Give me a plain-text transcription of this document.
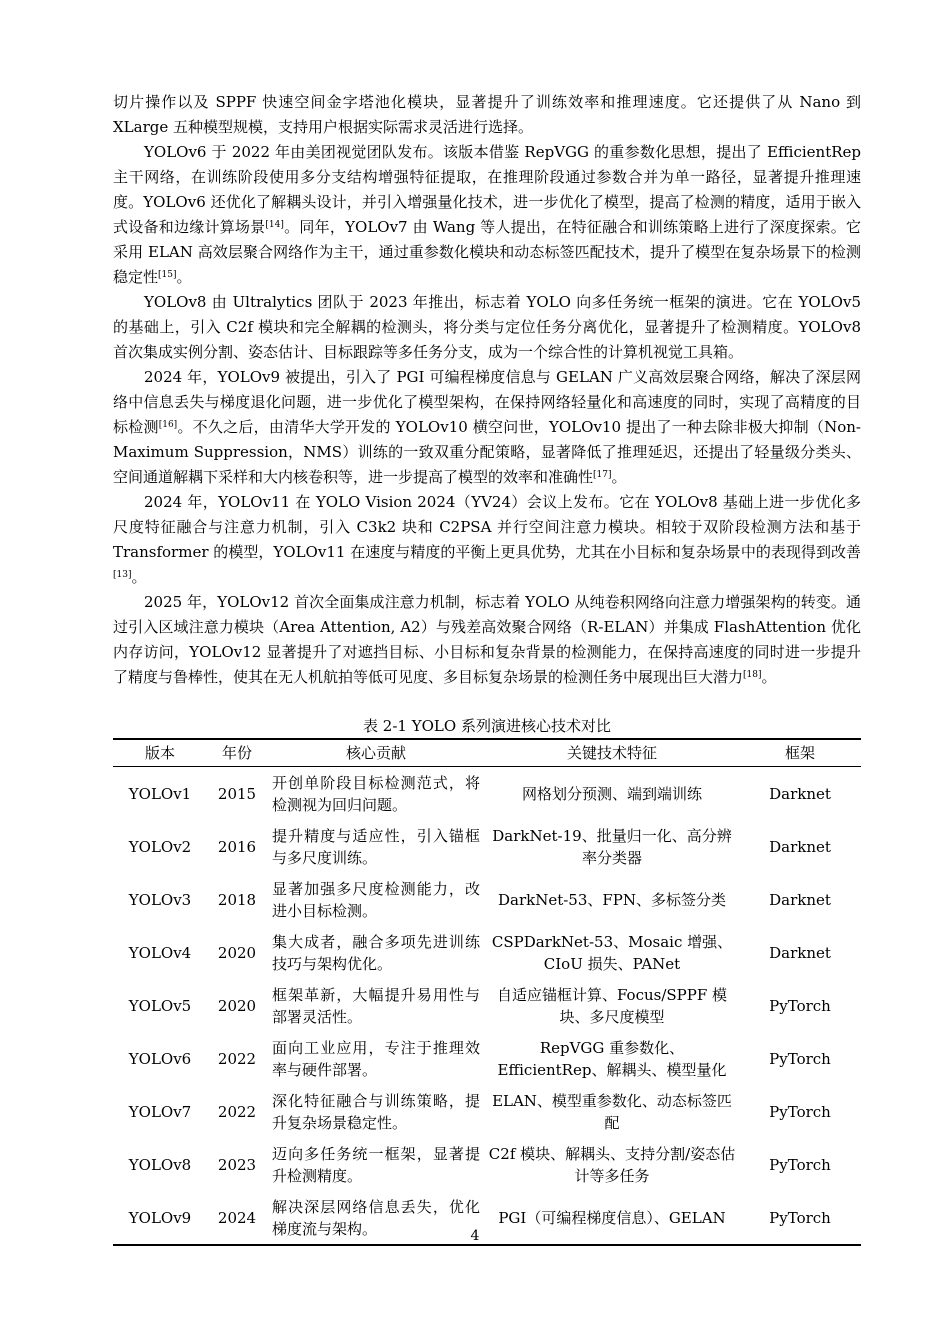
切片操作以及 SPPF 快速空间金字塔池化模块，显著提升了训练效率和推理速度。它还提供了从 Nano 到 XLarge 五种模型规模，支持用户根据实际需求灵活进行选择。

YOLOv6 于 2022 年由美团视觉团队发布。该版本借鉴 RepVGG 的重参数化思想，提出了 EfficientRep 主干网络，在训练阶段使用多分支结构增强特征提取，在推理阶段通过参数合并为单一路径，显著提升推理速度。YOLOv6 还优化了解耦头设计，并引入增强量化技术，进一步优化了模型，提高了检测的精度，适用于嵌入式设备和边缘计算场景[14]。同年，YOLOv7 由 Wang 等人提出，在特征融合和训练策略上进行了深度探索。它采用 ELAN 高效层聚合网络作为主干，通过重参数化模块和动态标签匹配技术，提升了模型在复杂场景下的检测稳定性[15]。

YOLOv8 由 Ultralytics 团队于 2023 年推出，标志着 YOLO 向多任务统一框架的演进。它在 YOLOv5 的基础上，引入 C2f 模块和完全解耦的检测头，将分类与定位任务分离优化，显著提升了检测精度。YOLOv8 首次集成实例分割、姿态估计、目标跟踪等多任务分支，成为一个综合性的计算机视觉工具箱。

2024 年，YOLOv9 被提出，引入了 PGI 可编程梯度信息与 GELAN 广义高效层聚合网络，解决了深层网络中信息丢失与梯度退化问题，进一步优化了模型架构，在保持网络轻量化和高速度的同时，实现了高精度的目标检测[16]。不久之后，由清华大学开发的 YOLOv10 横空问世，YOLOv10 提出了一种去除非极大抑制（Non-Maximum Suppression，NMS）训练的一致双重分配策略，显著降低了推理延迟，还提出了轻量级分类头、空间通道解耦下采样和大内核卷积等，进一步提高了模型的效率和准确性[17]。

2024 年，YOLOv11 在 YOLO Vision 2024（YV24）会议上发布。它在 YOLOv8 基础上进一步优化多尺度特征融合与注意力机制，引入 C3k2 块和 C2PSA 并行空间注意力模块。相较于双阶段检测方法和基于 Transformer 的模型，YOLOv11 在速度与精度的平衡上更具优势，尤其在小目标和复杂场景中的表现得到改善[13]。

2025 年，YOLOv12 首次全面集成注意力机制，标志着 YOLO 从纯卷积网络向注意力增强架构的转变。通过引入区域注意力模块（Area Attention, A2）与残差高效聚合网络（R-ELAN）并集成 FlashAttention 优化内存访问，YOLOv12 显著提升了对遮挡目标、小目标和复杂背景的检测能力，在保持高速度的同时进一步提升了精度与鲁棒性，使其在无人机航拍等低可见度、多目标复杂场景的检测任务中展现出巨大潜力[18]。

表 2-1 YOLO 系列演进核心技术对比
版本	年份	核心贡献	关键技术特征	框架
YOLOv1	2015	开创单阶段目标检测范式，将检测视为回归问题。	网格划分预测、端到端训练	Darknet
YOLOv2	2016	提升精度与适应性，引入锚框与多尺度训练。	DarkNet-19、批量归一化、高分辨率分类器	Darknet
YOLOv3	2018	显著加强多尺度检测能力，改进小目标检测。	DarkNet-53、FPN、多标签分类	Darknet
YOLOv4	2020	集大成者，融合多项先进训练技巧与架构优化。	CSPDarkNet-53、Mosaic 增强、CIoU 损失、PANet	Darknet
YOLOv5	2020	框架革新，大幅提升易用性与部署灵活性。	自适应锚框计算、Focus/SPPF 模块、多尺度模型	PyTorch
YOLOv6	2022	面向工业应用，专注于推理效率与硬件部署。	RepVGG 重参数化、EfficientRep、解耦头、模型量化	PyTorch
YOLOv7	2022	深化特征融合与训练策略，提升复杂场景稳定性。	ELAN、模型重参数化、动态标签匹配	PyTorch
YOLOv8	2023	迈向多任务统一框架，显著提升检测精度。	C2f 模块、解耦头、支持分割/姿态估计等多任务	PyTorch
YOLOv9	2024	解决深层网络信息丢失，优化梯度流与架构。	PGI（可编程梯度信息）、GELAN	PyTorch
4
